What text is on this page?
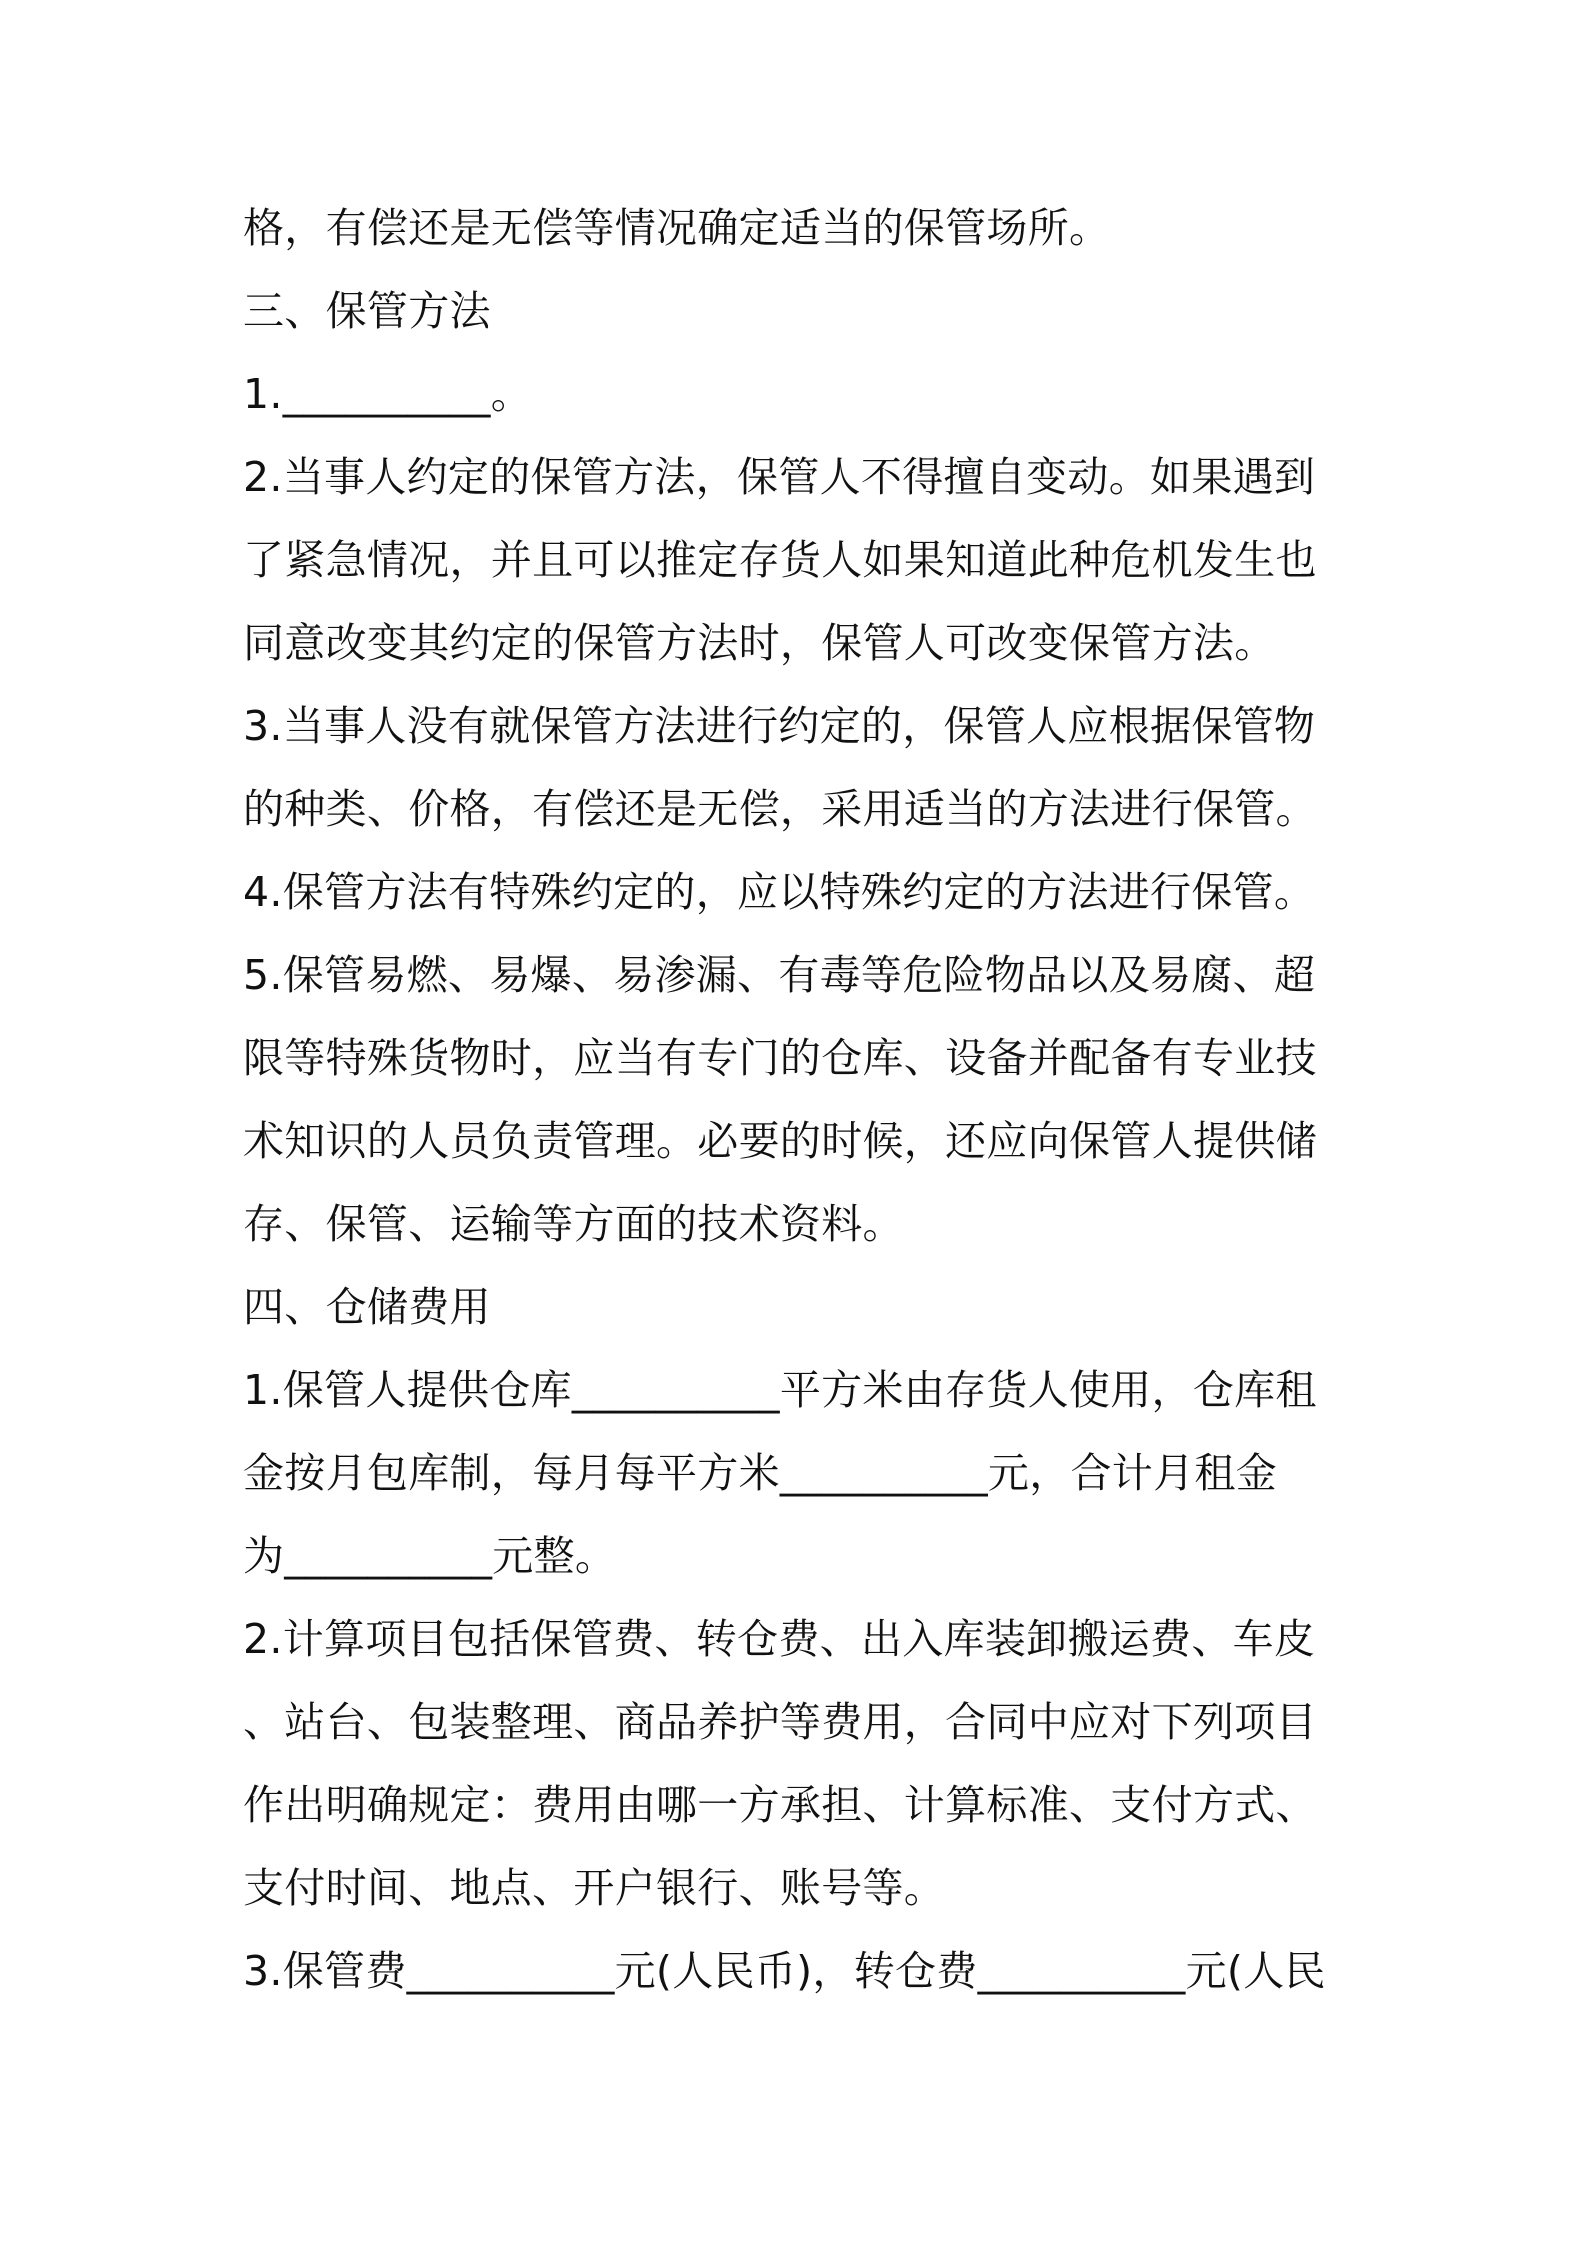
格，有偿还是无偿等情况确定适当的保管场所。
三、保管方法
1.__________。
2.当事人约定的保管方法，保管人不得擅自变动。如果遇到
了紧急情况，并且可以推定存货人如果知道此种危机发生也
同意改变其约定的保管方法时，保管人可改变保管方法。
3.当事人没有就保管方法进行约定的，保管人应根据保管物
的种类、价格，有偿还是无偿，采用适当的方法进行保管。
4.保管方法有特殊约定的，应以特殊约定的方法进行保管。
5.保管易燃、易爆、易渗漏、有毒等危险物品以及易腐、超
限等特殊货物时，应当有专门的仓库、设备并配备有专业技
术知识的人员负责管理。必要的时候，还应向保管人提供储
存、保管、运输等方面的技术资料。
四、仓储费用
1.保管人提供仓库__________平方米由存货人使用，仓库租
金按月包库制，每月每平方米__________元，合计月租金
为__________元整。
2.计算项目包括保管费、转仓费、出入库装卸搬运费、车皮
、站台、包装整理、商品养护等费用，合同中应对下列项目
作出明确规定：费用由哪一方承担、计算标准、支付方式、
支付时间、地点、开户银行、账号等。
3.保管费__________元(人民币)，转仓费__________元(人民
